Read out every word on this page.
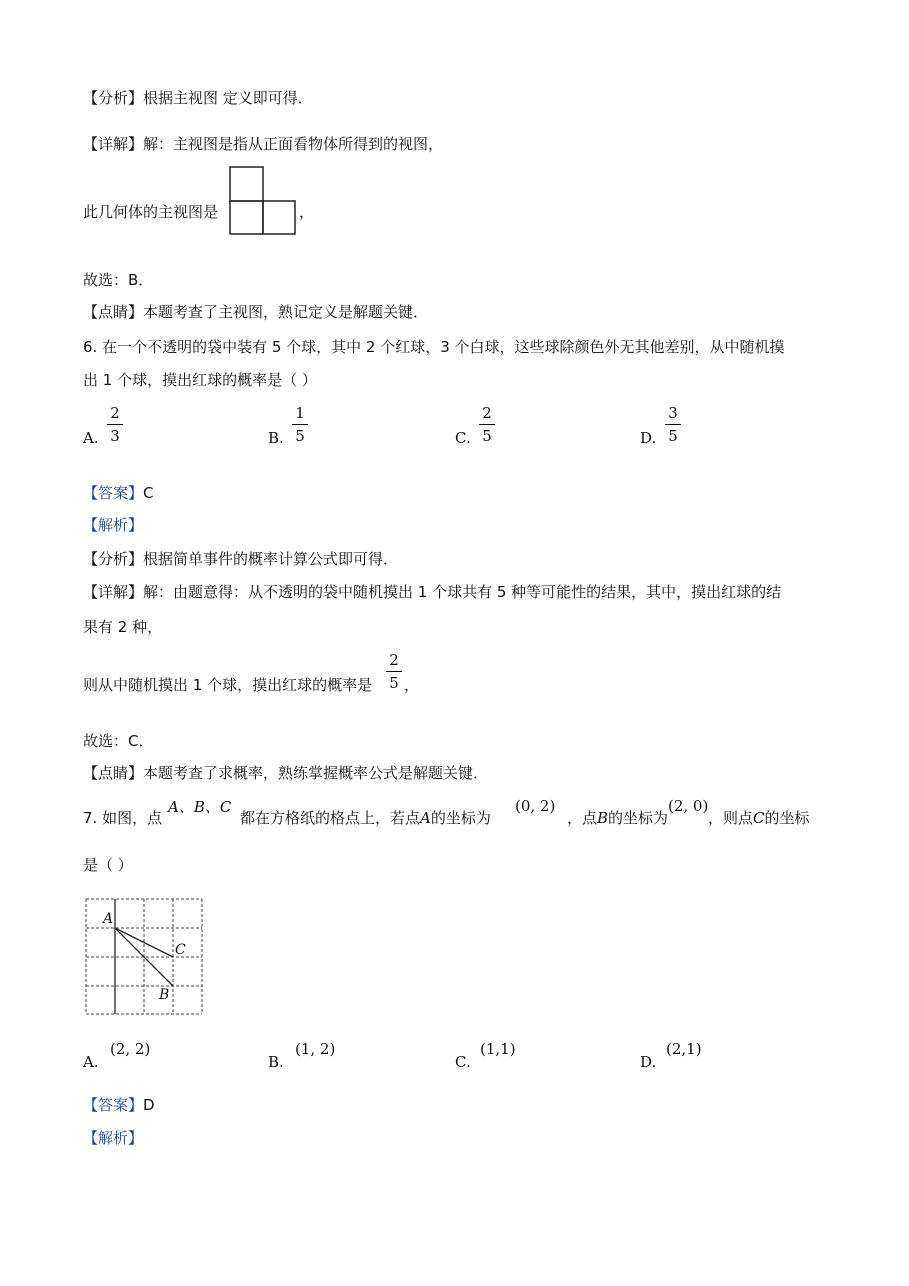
【分析】根据主视图 定义即可得．
【详解】解：主视图是指从正面看物体所得到的视图，
此几何体的主视图是	，
故选：B．
【点睛】本题考查了主视图，熟记定义是解题关键．
6. 在一个不透明的袋中装有 5 个球，其中 2 个红球，3 个白球，这些球除颜色外无其他差别，从中随机摸
出 1 个球，摸出红球的概率是（ ）
A.
2
3	B.
1
5	C.
2
5	D.
3
5
【答案】C
【解析】
【分析】根据简单事件的概率计算公式即可得．
【详解】解：由题意得：从不透明的袋中随机摸出 1 个球共有 5 种等可能性的结果，其中，摸出红球的结
果有 2 种，
则从中随机摸出 1 个球，摸出红球的概率是
2
5 ，
故选：C．
【点睛】本题考查了求概率，熟练掌握概率公式是解题关键．
7. 如图，点
A、B、C
都在方格纸的格点上，若点A的坐标为
(0, 2)
，点B的坐标为
(2, 0)
，则点C的坐标
是（ ）
A
C
B
A.
(2, 2)
B.
(1, 2)
C.
(1,1)
D.
(2,1)
【答案】D
【解析】
